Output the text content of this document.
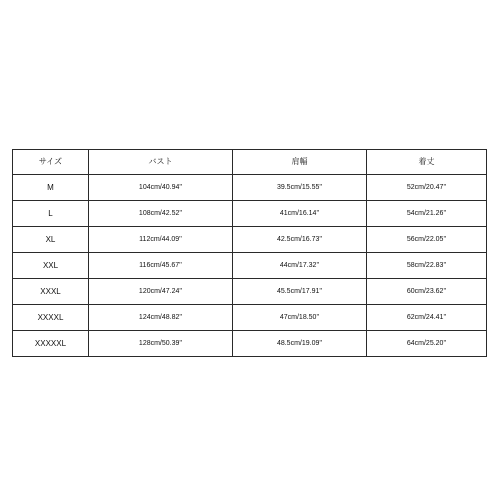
サイズ	バスト	肩幅	着丈
M	104cm/40.94''	39.5cm/15.55''	52cm/20.47''
L	108cm/42.52''	41cm/16.14''	54cm/21.26''
XL	112cm/44.09''	42.5cm/16.73''	56cm/22.05''
XXL	116cm/45.67''	44cm/17.32''	58cm/22.83''
XXXL	120cm/47.24''	45.5cm/17.91''	60cm/23.62''
XXXXL	124cm/48.82''	47cm/18.50''	62cm/24.41''
XXXXXL	128cm/50.39''	48.5cm/19.09''	64cm/25.20''
